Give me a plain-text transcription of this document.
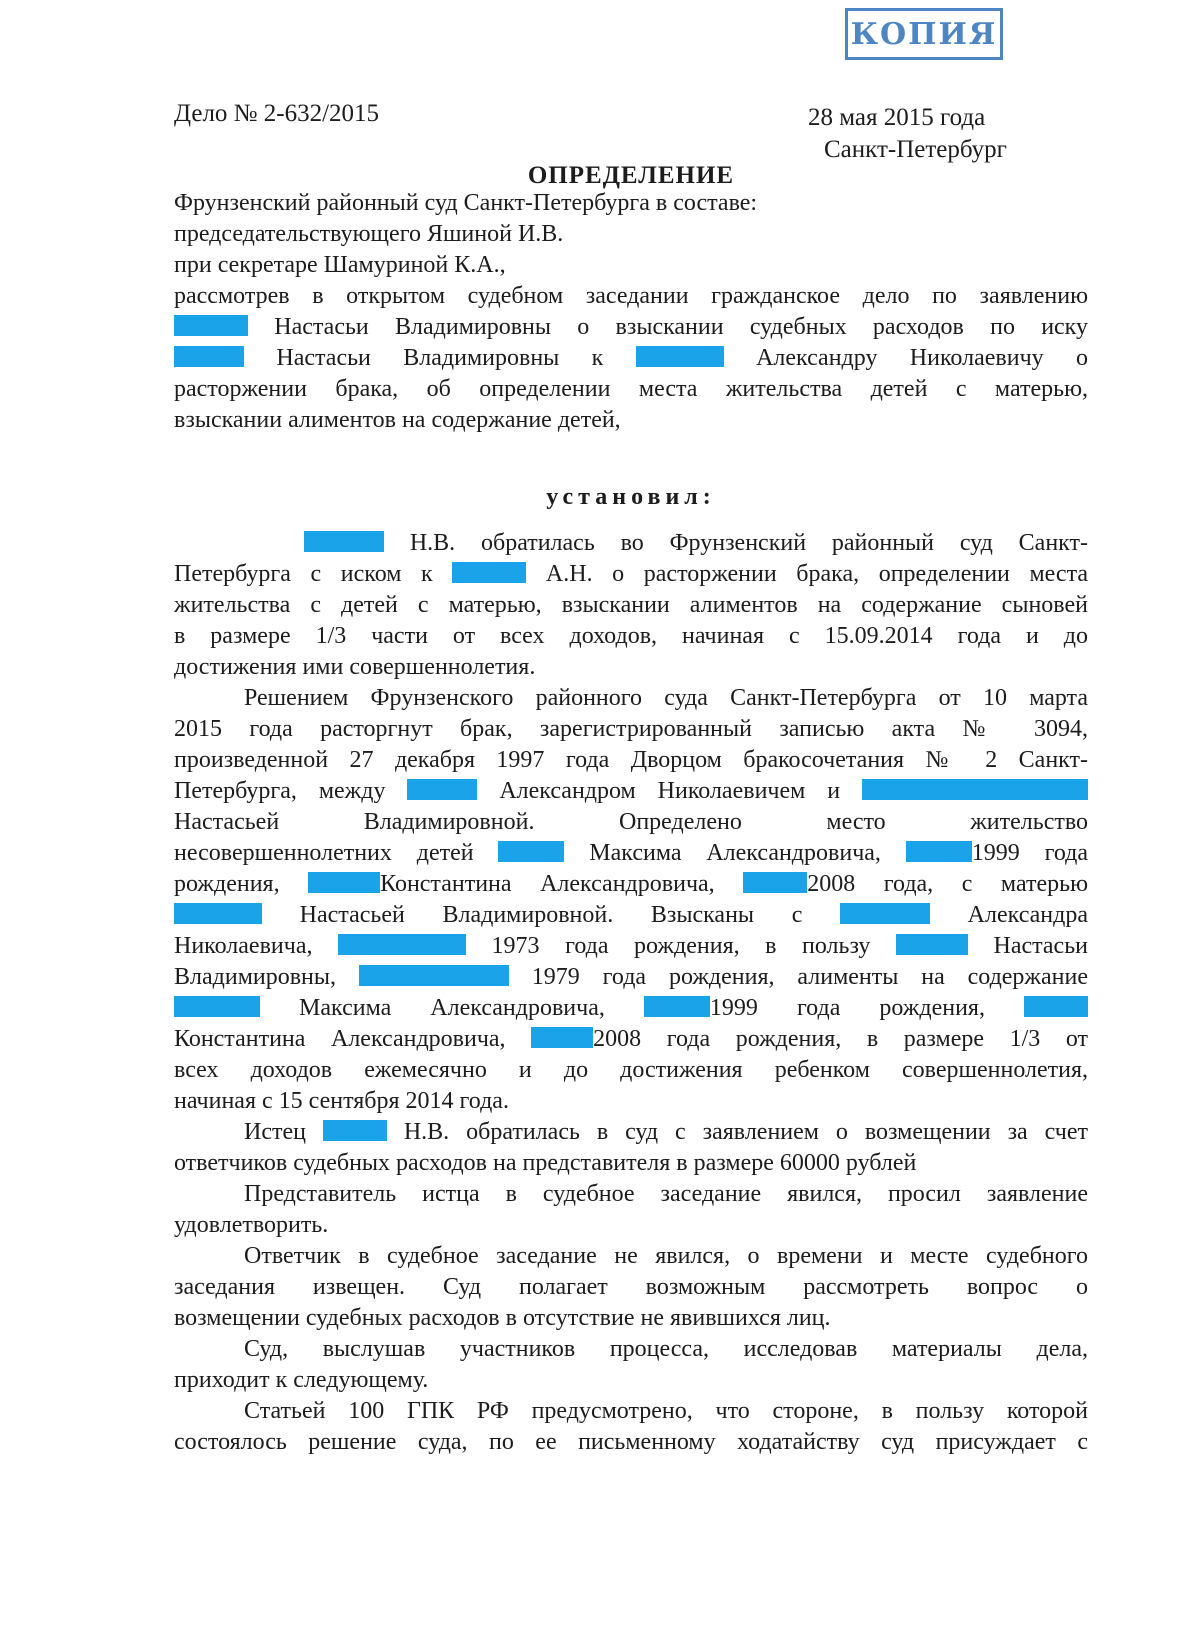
КОПИЯ
Дело № 2-632/2015	28 мая 2015 года
Санкт-Петербург
ОПРЕДЕЛЕНИЕ
Фрунзенский районный суд Санкт-Петербурга в составе:
председательствующего Яшиной И.В.
при секретаре Шамуриной К.А.,
рассмотрев в открытом судебном заседании гражданское дело по заявлению
Настасьи Владимировны о взыскании судебных расходов по иску
Настасьи Владимировны к	Александру Николаевичу о
расторжении брака, об определении места жительства детей с матерью,
взыскании алиментов на содержание детей,
установил:
Н.В. обратилась во Фрунзенский районный суд Санкт-
Петербурга с иском к	А.Н. о расторжении брака, определении места
жительства с детей с матерью, взыскании алиментов на содержание сыновей
в размере 1/3 части от всех доходов, начиная с 15.09.2014 года и до
достижения ими совершеннолетия.
Решением Фрунзенского районного суда Санкт-Петербурга от 10 марта
2015 года расторгнут брак, зарегистрированный записью акта № 3094,
произведенной 27 декабря 1997 года Дворцом бракосочетания № 2 Санкт-
Петербурга, между	Александром Николаевичем и
Настасьей Владимировной. Определено место жительство
несовершеннолетних детей	Максима Александровича,	1999 года
рождения,	Константина Александровича,	2008 года, с матерью
Настасьей Владимировной. Взысканы с	Александра
Николаевича,	1973 года рождения, в пользу	Настасьи
Владимировны,	1979 года рождения, алименты на содержание
Максима Александровича,	1999 года рождения,
Константина Александровича,	2008 года рождения, в размере 1/3 от
всех доходов ежемесячно и до достижения ребенком совершеннолетия,
начиная с 15 сентября 2014 года.
Истец	Н.В. обратилась в суд с заявлением о возмещении за счет
ответчиков судебных расходов на представителя в размере 60000 рублей
Представитель истца в судебное заседание явился, просил заявление
удовлетворить.
Ответчик в судебное заседание не явился, о времени и месте судебного
заседания извещен. Суд полагает возможным рассмотреть вопрос о
возмещении судебных расходов в отсутствие не явившихся лиц.
Суд, выслушав участников процесса, исследовав материалы дела,
приходит к следующему.
Статьей 100 ГПК РФ предусмотрено, что стороне, в пользу которой
состоялось решение суда, по ее письменному ходатайству суд присуждает с
